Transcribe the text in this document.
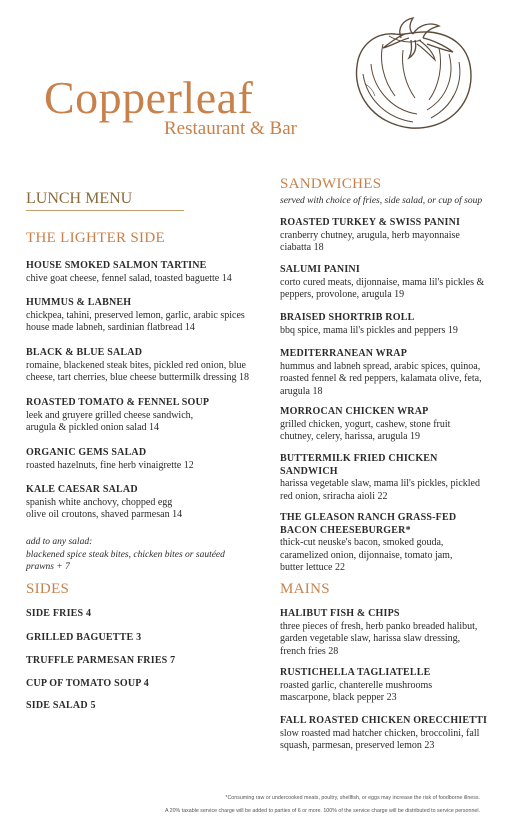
Copperleaf
Restaurant & Bar
LUNCH MENU
THE LIGHTER SIDE
HOUSE SMOKED SALMON TARTINE
chive goat cheese, fennel salad, toasted baguette 14
HUMMUS & LABNEH
chickpea, tahini, preserved lemon, garlic, arabic spices
house made labneh, sardinian flatbread 14
BLACK & BLUE SALAD
romaine, blackened steak bites, pickled red onion, blue
cheese, tart cherries, blue cheese buttermilk dressing 18
ROASTED TOMATO & FENNEL SOUP
leek and gruyere grilled cheese sandwich,
arugula & pickled onion salad 14
ORGANIC GEMS SALAD
roasted hazelnuts, fine herb vinaigrette 12
KALE CAESAR SALAD
spanish white anchovy, chopped egg
olive oil croutons, shaved parmesan 14
add to any salad:
blackened spice steak bites, chicken bites or sautéed
prawns + 7
SIDES
SIDE FRIES 4
GRILLED BAGUETTE 3
TRUFFLE PARMESAN FRIES 7
CUP OF TOMATO SOUP 4
SIDE SALAD 5
SANDWICHES
served with choice of fries, side salad, or cup of soup
ROASTED TURKEY & SWISS PANINI
cranberry chutney, arugula, herb mayonnaise
ciabatta 18
SALUMI PANINI
corto cured meats, dijonnaise, mama lil's pickles &
peppers, provolone, arugula 19
BRAISED SHORTRIB ROLL
bbq spice, mama lil's pickles and peppers 19
MEDITERRANEAN WRAP
hummus and labneh spread, arabic spices, quinoa,
roasted fennel & red peppers, kalamata olive, feta,
arugula 18
MORROCAN CHICKEN WRAP
grilled chicken, yogurt, cashew, stone fruit
chutney, celery, harissa, arugula 19
BUTTERMILK FRIED CHICKEN
SANDWICH
harissa vegetable slaw, mama lil's pickles, pickled
red onion, sriracha aioli 22
THE GLEASON RANCH GRASS-FED
BACON CHEESEBURGER*
thick-cut neuske's bacon, smoked gouda,
caramelized onion, dijonnaise, tomato jam,
butter lettuce 22
MAINS
HALIBUT FISH & CHIPS
three pieces of fresh, herb panko breaded halibut,
garden vegetable slaw, harissa slaw dressing,
french fries 28
RUSTICHELLA TAGLIATELLE
roasted garlic, chanterelle mushrooms
mascarpone, black pepper 23
FALL ROASTED CHICKEN ORECCHIETTI
slow roasted mad hatcher chicken, broccolini, fall
squash, parmesan, preserved lemon 23
*Consuming raw or undercooked meats, poultry, shellfish, or eggs may increase the risk of foodborne illness.
A 20% taxable service charge will be added to parties of 6 or more. 100% of the service charge will be distributed to service personnel.
